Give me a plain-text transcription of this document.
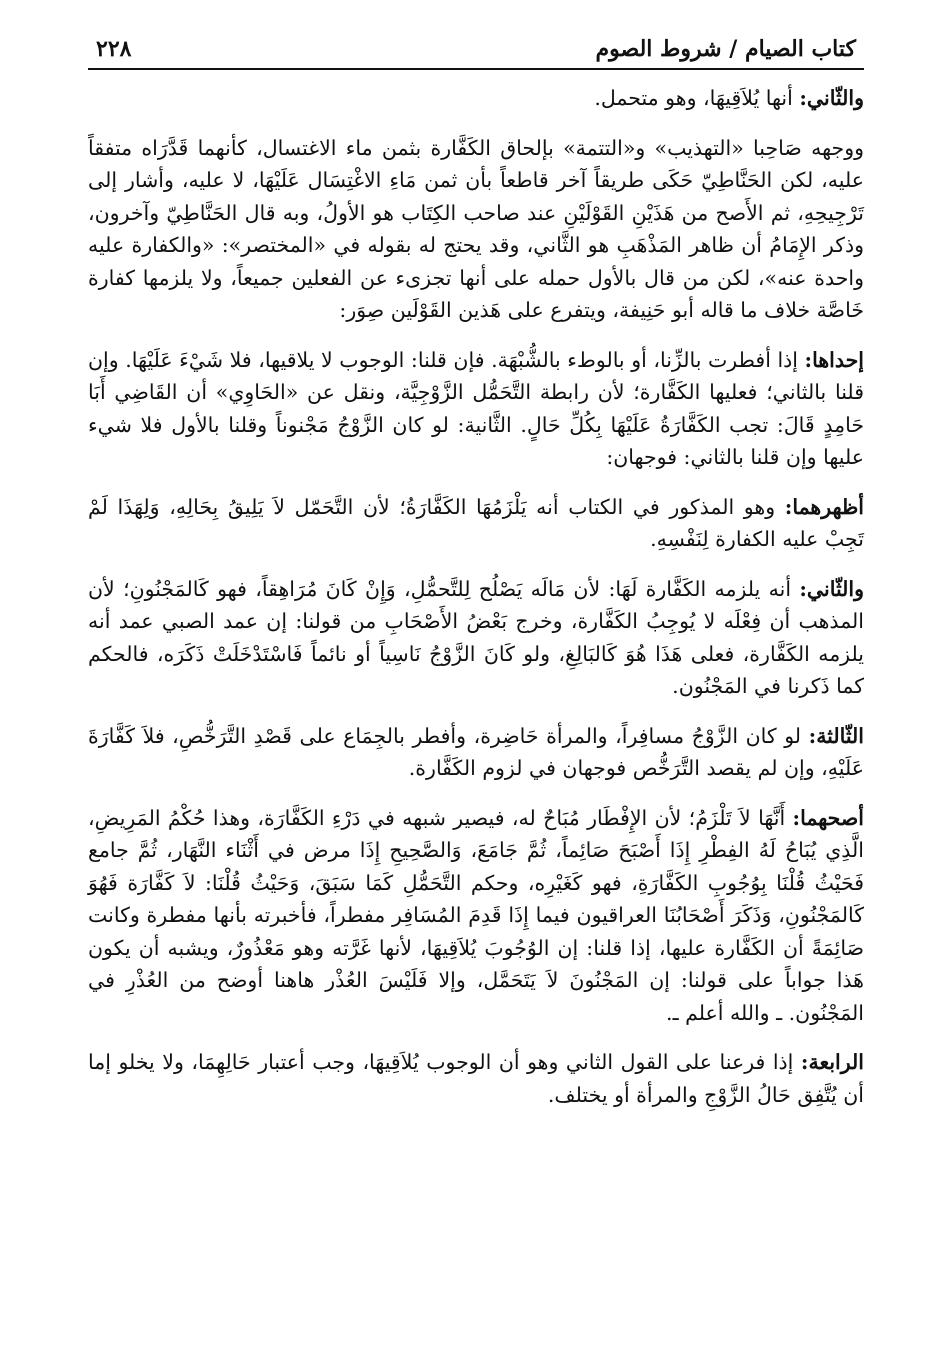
كتاب الصيام / شروط الصوم
٢٢٨

والثّاني: أنها يُلاَقِيهَا، وهو متحمل.

ووجهه صَاحِبا «التهذيب» و«التتمة» بإلحاق الكَفَّارة بثمن ماء الاغتسال، كأنهما قَدَّرَاه متفقاً عليه، لكن الحَنَّاطِيّ حَكَى طريقاً آخر قاطعاً بأن ثمن مَاءِ الاغْتِسَال عَلَيْهَا، لا عليه، وأشار إلى تَرْجِيحِهِ، ثم الأَصح من هَذَيْنِ القَوْلَيْنِ عند صاحب الكِتَاب هو الأولُ، وبه قال الحَنَّاطِيّ وآخرون، وذكر الإِمَامُ أن ظاهر المَذْهَبِ هو الثَّاني، وقد يحتج له بقوله في «المختصر»: «والكفارة عليه واحدة عنه»، لكن من قال بالأول حمله على أنها تجزىء عن الفعلين جميعاً، ولا يلزمها كفارة خَاصَّة خلاف ما قاله أبو حَنِيفة، ويتفرع على هَذين القَوْلَين صِوَر:

إحداها: إذا أفطرت بالزِّنا، أو بالوطء بالشُّبْهَة. فإن قلنا: الوجوب لا يلاقيها، فلا شَيْءَ عَلَيْهَا. وإن قلنا بالثاني؛ فعليها الكَفَّارة؛ لأن رابطة التَّحَمُّل الزَّوْجِيَّة، ونقل عن «الحَاوِي» أن القَاضِي أَبَا حَامِدٍ قَالَ: تجب الكَفَّارَةُ عَلَيْهَا بِكُلِّ حَالٍ. الثَّانية: لو كان الزَّوْجُ مَجْنوناً وقلنا بالأول فلا شيء عليها وإن قلنا بالثاني: فوجهان:

أظهرهما: وهو المذكور في الكتاب أنه يَلْزَمُهَا الكَفَّارَةُ؛ لأن التَّحَمّل لاَ يَلِيقُ بِحَالِهِ، وَلِهَذَا لَمْ تَجِبْ عليه الكفارة لِنَفْسِهِ.

والثّاني: أنه يلزمه الكَفَّارة لَهَا: لأن مَالَه يَصْلُح لِلتَّحمُّلِ، وَإِنْ كَانَ مُرَاهِقاً، فهو كَالمَجْنُونِ؛ لأن المذهب أن فِعْلَه لا يُوجِبُ الكَفَّارة، وخرج بَعْضُ الأَصْحَابِ من قولنا: إن عمد الصبي عمد أنه يلزمه الكَفَّارة، فعلى هَذَا هُوَ كَالبَالِغِ، ولو كَانَ الزَّوْجُ نَاسِياً أو نائماً فَاسْتَدْخَلَتْ ذَكَرَه، فالحكم كما ذَكرنا في المَجْنُون.

الثّالثة: لو كان الزَّوْجُ مسافِراً، والمرأة حَاضِرة، وأفطر بالجِمَاع على قَصْدِ التَّرَخُّصِ، فلاَ كَفَّارَةَ عَلَيْهِ، وإن لم يقصد التَّرَخُّص فوجهان في لزوم الكَفَّارة.

أصحهما: أَنَّهَا لاَ تَلْزَمُ؛ لأن الإِفْطَار مُبَاحٌ له، فيصير شبهه في دَرْءِ الكَفَّارَة، وهذا حُكْمُ المَرِيضِ، الَّذِي يُبَاحُ لَهُ الفِطْرِ إِذَا أَصْبَحَ صَائِماً، ثُمَّ جَامَعَ، وَالصَّحِيحِ إِذَا مرض في أَثْنَاء النَّهَار، ثُمَّ جامع فَحَيْثُ قُلْنَا بِوُجُوبِ الكَفَّارَةِ، فهو كَغَيْرِه، وحكم التَّحَمُّلِ كَمَا سَبَقَ، وَحَيْثُ قُلْنَا: لاَ كَفَّارَة فَهُوَ كَالمَجْنُونِ، وَذَكَرَ أَصْحَابُنَا العراقيون فيما إِذَا قَدِمَ المُسَافِر مفطراً، فأخبرته بأنها مفطرة وكانت صَائِمَةً أن الكَفَّارة عليها، إذا قلنا: إن الوُجُوبَ يُلاَقِيهَا، لأنها غَرَّته وهو مَعْذُورٌ، ويشبه أن يكون هَذا جواباً على قولنا: إن المَجْنُونَ لاَ يَتَحَمَّل، وإلا فَلَيْسَ العُذْر هاهنا أوضح من العُذْرِ في المَجْنُون. ـ والله أعلم ـ.

الرابعة: إذا فرعنا على القول الثاني وهو أن الوجوب يُلاَقِيهَا، وجب أعتبار حَالِهِمَا، ولا يخلو إما أن يُتَّفِق حَالُ الزَّوْجِ والمرأة أو يختلف.
